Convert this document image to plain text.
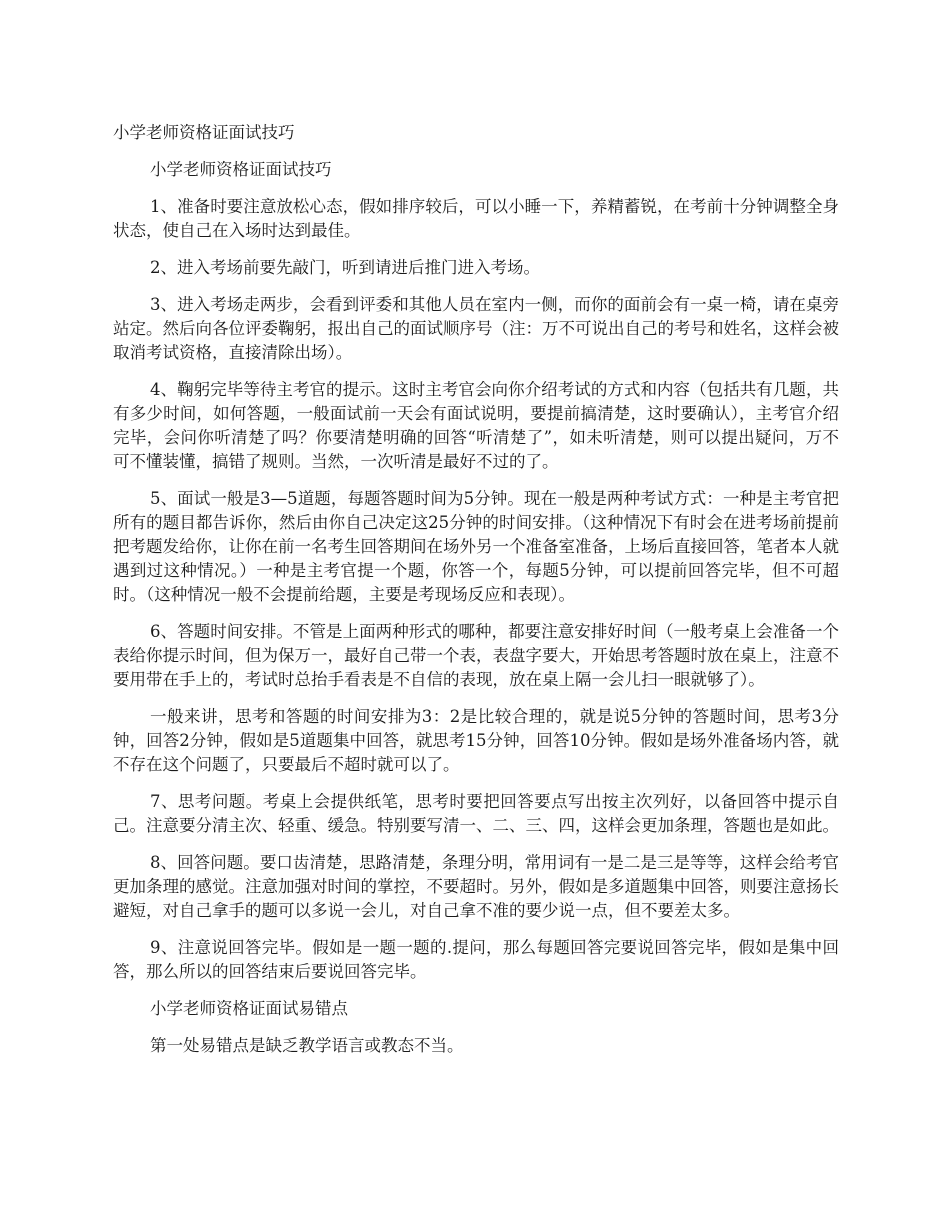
小学老师资格证面试技巧

小学老师资格证面试技巧

1、准备时要注意放松心态，假如排序较后，可以小睡一下，养精蓄锐，在考前十分钟调整全身状态，使自己在入场时达到最佳。

2、进入考场前要先敲门，听到请进后推门进入考场。

3、进入考场走两步，会看到评委和其他人员在室内一侧，而你的面前会有一桌一椅，请在桌旁站定。然后向各位评委鞠躬，报出自己的面试顺序号（注：万不可说出自己的考号和姓名，这样会被取消考试资格，直接清除出场）。

4、鞠躬完毕等待主考官的提示。这时主考官会向你介绍考试的方式和内容（包括共有几题，共有多少时间，如何答题，一般面试前一天会有面试说明，要提前搞清楚，这时要确认），主考官介绍完毕，会问你听清楚了吗？你要清楚明确的回答“听清楚了”，如未听清楚，则可以提出疑问，万不可不懂装懂，搞错了规则。当然，一次听清是最好不过的了。

5、面试一般是3—5道题，每题答题时间为5分钟。现在一般是两种考试方式：一种是主考官把所有的题目都告诉你，然后由你自己决定这25分钟的时间安排。（这种情况下有时会在进考场前提前把考题发给你，让你在前一名考生回答期间在场外另一个准备室准备，上场后直接回答，笔者本人就遇到过这种情况。）一种是主考官提一个题，你答一个，每题5分钟，可以提前回答完毕，但不可超时。（这种情况一般不会提前给题，主要是考现场反应和表现）。

6、答题时间安排。不管是上面两种形式的哪种，都要注意安排好时间（一般考桌上会准备一个表给你提示时间，但为保万一，最好自己带一个表，表盘字要大，开始思考答题时放在桌上，注意不要用带在手上的，考试时总抬手看表是不自信的表现，放在桌上隔一会儿扫一眼就够了）。

一般来讲，思考和答题的时间安排为3：2是比较合理的，就是说5分钟的答题时间，思考3分钟，回答2分钟，假如是5道题集中回答，就思考15分钟，回答10分钟。假如是场外准备场内答，就不存在这个问题了，只要最后不超时就可以了。

7、思考问题。考桌上会提供纸笔，思考时要把回答要点写出按主次列好，以备回答中提示自己。注意要分清主次、轻重、缓急。特别要写清一、二、三、四，这样会更加条理，答题也是如此。

8、回答问题。要口齿清楚，思路清楚，条理分明，常用词有一是二是三是等等，这样会给考官更加条理的感觉。注意加强对时间的掌控，不要超时。另外，假如是多道题集中回答，则要注意扬长避短，对自己拿手的题可以多说一会儿，对自己拿不准的要少说一点，但不要差太多。

9、注意说回答完毕。假如是一题一题的.提问，那么每题回答完要说回答完毕，假如是集中回答，那么所以的回答结束后要说回答完毕。

小学老师资格证面试易错点

第一处易错点是缺乏教学语言或教态不当。
